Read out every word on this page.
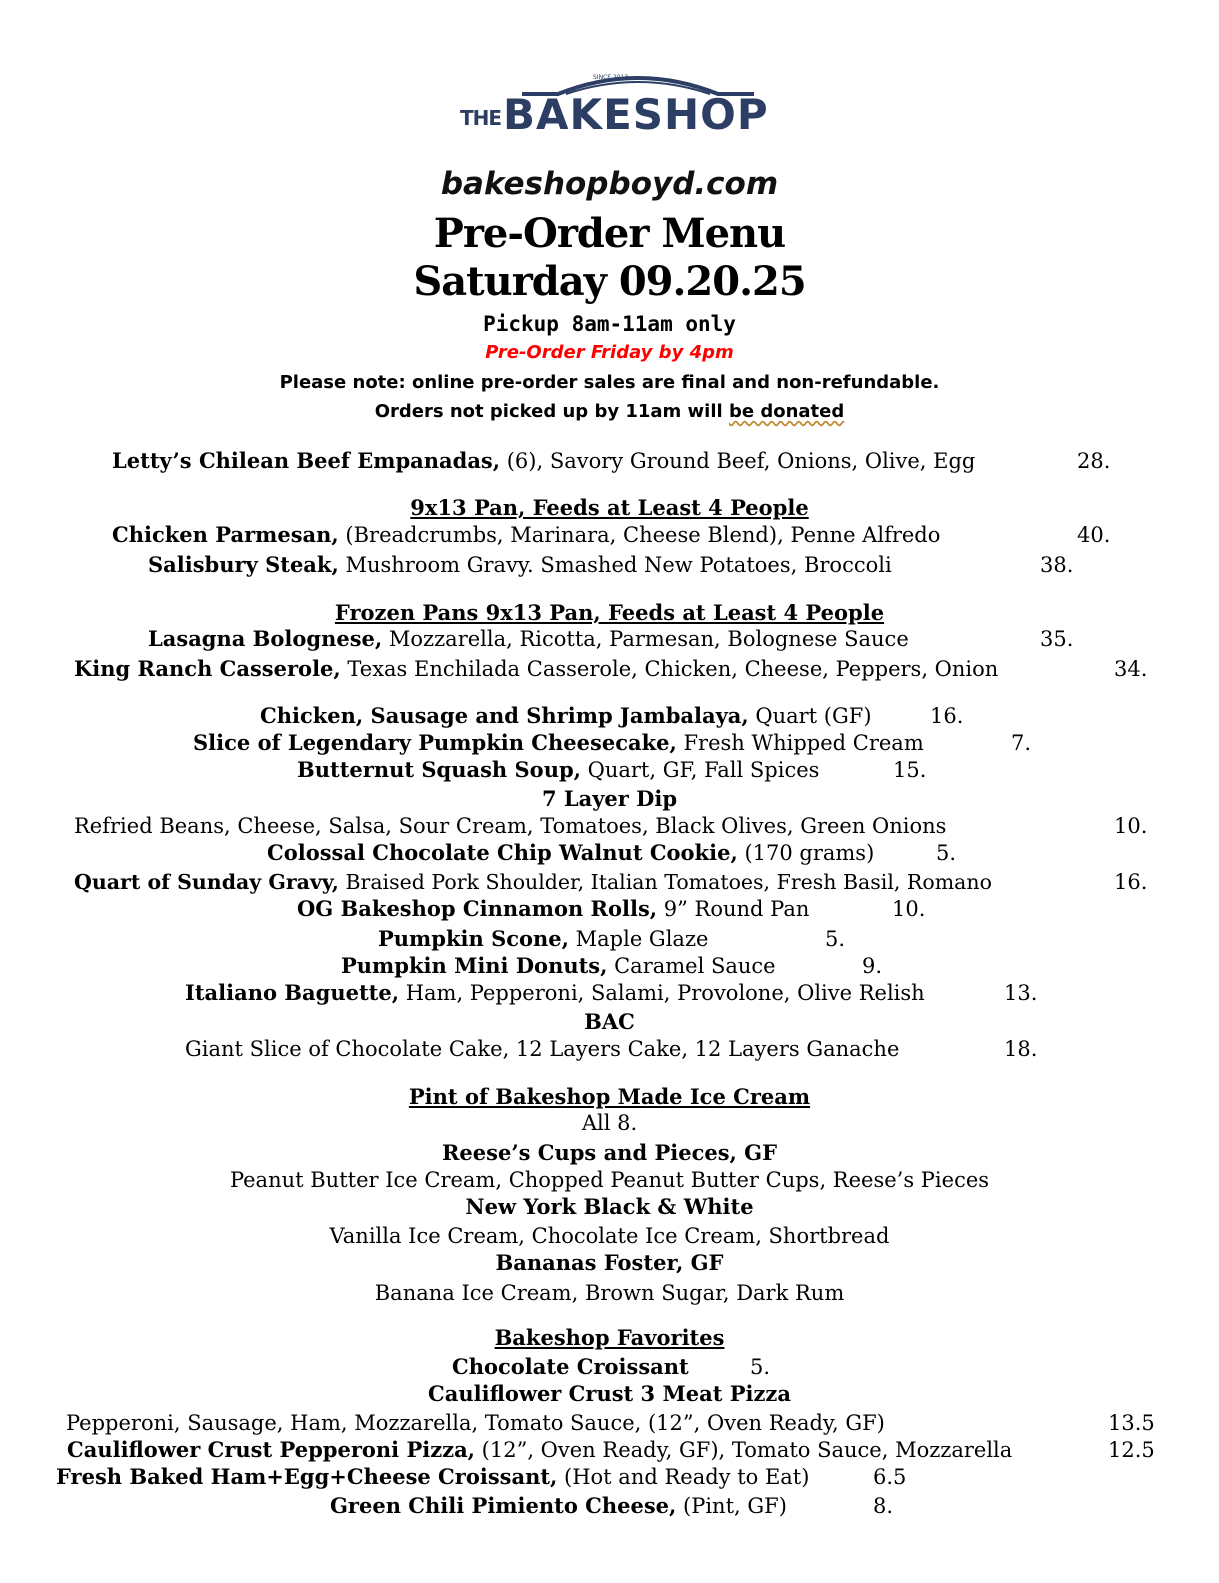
SINCE 2013
THE BAKESHOP
bakeshopboyd.com
Pre-Order Menu
Saturday 09.20.25
Pickup 8am-11am only
Pre-Order Friday by 4pm
Please note: online pre-order sales are final and non-refundable.
Orders not picked up by 11am will be donated
Letty’s Chilean Beef Empanadas, (6), Savory Ground Beef, Onions, Olive, Egg	28.
9x13 Pan, Feeds at Least 4 People
Chicken Parmesan, (Breadcrumbs, Marinara, Cheese Blend), Penne Alfredo	40.
Salisbury Steak, Mushroom Gravy. Smashed New Potatoes, Broccoli	38.
Frozen Pans 9x13 Pan, Feeds at Least 4 People
Lasagna Bolognese, Mozzarella, Ricotta, Parmesan, Bolognese Sauce	35.
King Ranch Casserole, Texas Enchilada Casserole, Chicken, Cheese, Peppers, Onion	34.
Chicken, Sausage and Shrimp Jambalaya, Quart (GF)	16.
Slice of Legendary Pumpkin Cheesecake, Fresh Whipped Cream	7.
Butternut Squash Soup, Quart, GF, Fall Spices	15.
7 Layer Dip
Refried Beans, Cheese, Salsa, Sour Cream, Tomatoes, Black Olives, Green Onions	10.
Colossal Chocolate Chip Walnut Cookie, (170 grams)	5.
Quart of Sunday Gravy, Braised Pork Shoulder, Italian Tomatoes, Fresh Basil, Romano	16.
OG Bakeshop Cinnamon Rolls, 9” Round Pan	10.
Pumpkin Scone, Maple Glaze	5.
Pumpkin Mini Donuts, Caramel Sauce	9.
Italiano Baguette, Ham, Pepperoni, Salami, Provolone, Olive Relish	13.
BAC
Giant Slice of Chocolate Cake, 12 Layers Cake, 12 Layers Ganache	18.
Pint of Bakeshop Made Ice Cream
All 8.
Reese’s Cups and Pieces, GF
Peanut Butter Ice Cream, Chopped Peanut Butter Cups, Reese’s Pieces
New York Black & White
Vanilla Ice Cream, Chocolate Ice Cream, Shortbread
Bananas Foster, GF
Banana Ice Cream, Brown Sugar, Dark Rum
Bakeshop Favorites
Chocolate Croissant	5.
Cauliflower Crust 3 Meat Pizza
Pepperoni, Sausage, Ham, Mozzarella, Tomato Sauce, (12”, Oven Ready, GF)	13.5
Cauliflower Crust Pepperoni Pizza, (12”, Oven Ready, GF), Tomato Sauce, Mozzarella	12.5
Fresh Baked Ham+Egg+Cheese Croissant, (Hot and Ready to Eat)	6.5
Green Chili Pimiento Cheese, (Pint, GF)	8.
